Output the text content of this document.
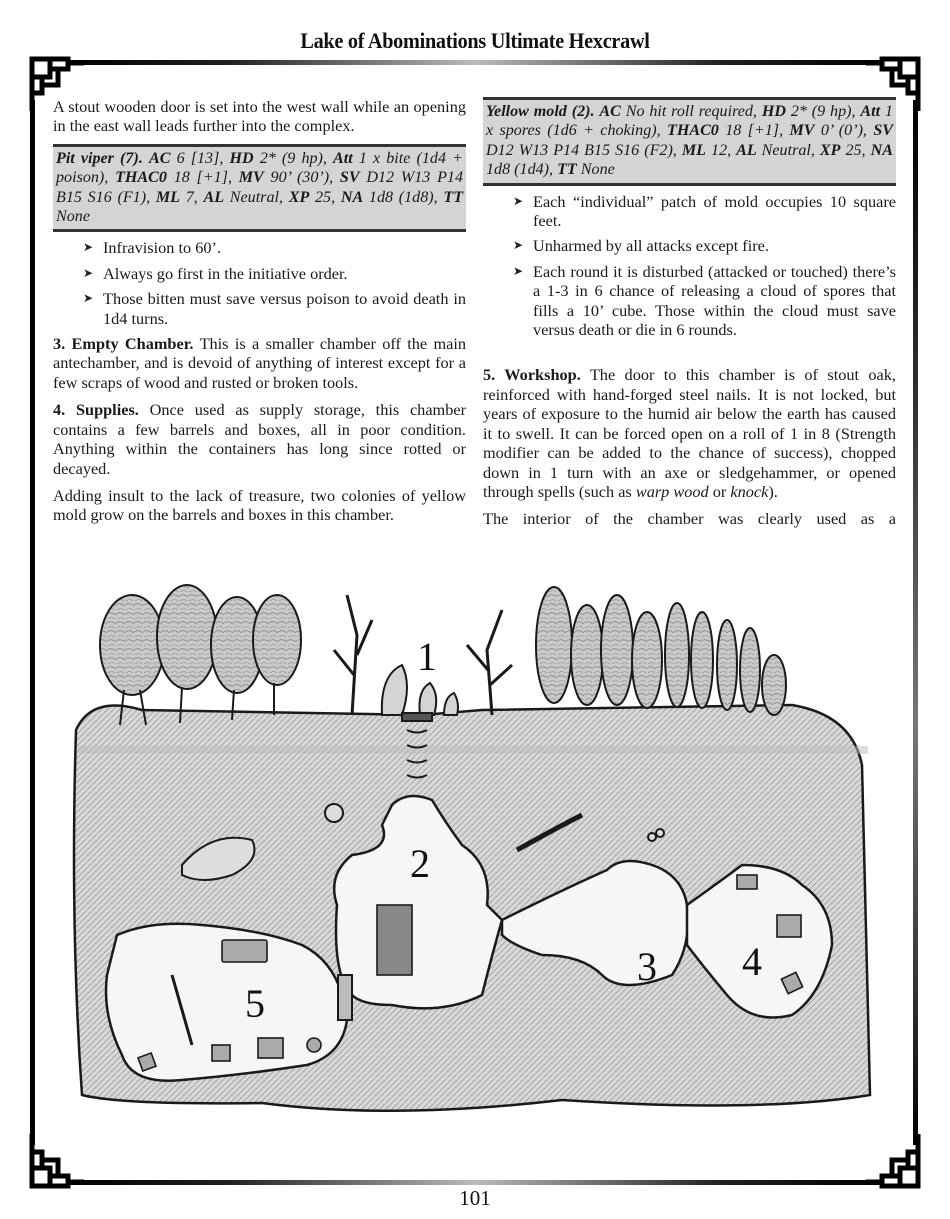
Lake of Abominations Ultimate Hexcrawl

A stout wooden door is set into the west wall while an opening in the east wall leads further into the complex.

Pit viper (7). AC 6 [13], HD 2* (9 hp), Att 1 x bite (1d4 + poison), THAC0 18 [+1], MV 90’ (30’), SV D12 W13 P14 B15 S16 (F1), ML 7, AL Neutral, XP 25, NA 1d8 (1d8), TT None
➤ Infravision to 60’.
➤ Always go first in the initiative order.
➤ Those bitten must save versus poison to avoid death in 1d4 turns.

3. Empty Chamber. This is a smaller chamber off the main antechamber, and is devoid of anything of interest except for a few scraps of wood and rusted or broken tools.

4. Supplies. Once used as supply storage, this chamber contains a few barrels and boxes, all in poor condition. Anything within the containers has long since rotted or decayed.

Adding insult to the lack of treasure, two colonies of yellow mold grow on the barrels and boxes in this chamber.

Yellow mold (2). AC No hit roll required, HD 2* (9 hp), Att 1 x spores (1d6 + choking), THAC0 18 [+1], MV 0’ (0’), SV D12 W13 P14 B15 S16 (F2), ML 12, AL Neutral, XP 25, NA 1d8 (1d4), TT None
➤ Each “individual” patch of mold occupies 10 square feet.
➤ Unharmed by all attacks except fire.
➤ Each round it is disturbed (attacked or touched) there’s a 1-3 in 6 chance of releasing a cloud of spores that fills a 10’ cube. Those within the cloud must save versus death or die in 6 rounds.

5. Workshop. The door to this chamber is of stout oak, reinforced with hand-forged steel nails. It is not locked, but years of exposure to the humid air below the earth has caused it to swell. It can be forced open on a roll of 1 in 8 (Strength modifier can be added to the chance of success), chopped down in 1 turn with an axe or sledgehammer, or opened through spells (such as warp wood or knock).

The interior of the chamber was clearly used as a

1
2
3 4
5
101
